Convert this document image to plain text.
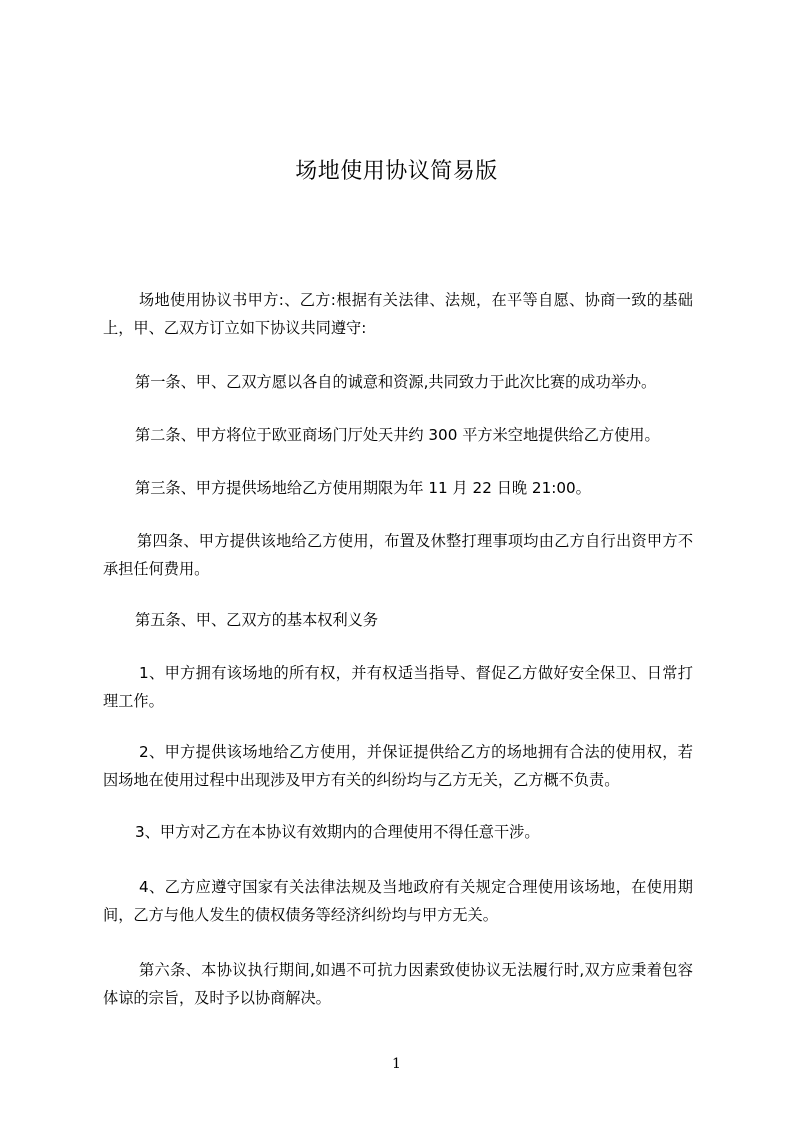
场地使用协议简易版

场地使用协议书甲方:、乙方:根据有关法律、法规，在平等自愿、协商一致的基础上，甲、乙双方订立如下协议共同遵守:

第一条、甲、乙双方愿以各自的诚意和资源,共同致力于此次比赛的成功举办。

第二条、甲方将位于欧亚商场门厅处天井约 300 平方米空地提供给乙方使用。

第三条、甲方提供场地给乙方使用期限为年 11 月 22 日晚 21:00。

第四条、甲方提供该地给乙方使用，布置及休整打理事项均由乙方自行出资甲方不承担任何费用。

第五条、甲、乙双方的基本权利义务

1、甲方拥有该场地的所有权，并有权适当指导、督促乙方做好安全保卫、日常打理工作。

2、甲方提供该场地给乙方使用，并保证提供给乙方的场地拥有合法的使用权，若因场地在使用过程中出现涉及甲方有关的纠纷均与乙方无关，乙方概不负责。

3、甲方对乙方在本协议有效期内的合理使用不得任意干涉。

4、乙方应遵守国家有关法律法规及当地政府有关规定合理使用该场地，在使用期间，乙方与他人发生的债权债务等经济纠纷均与甲方无关。

第六条、本协议执行期间,如遇不可抗力因素致使协议无法履行时,双方应秉着包容体谅的宗旨，及时予以协商解决。

1
